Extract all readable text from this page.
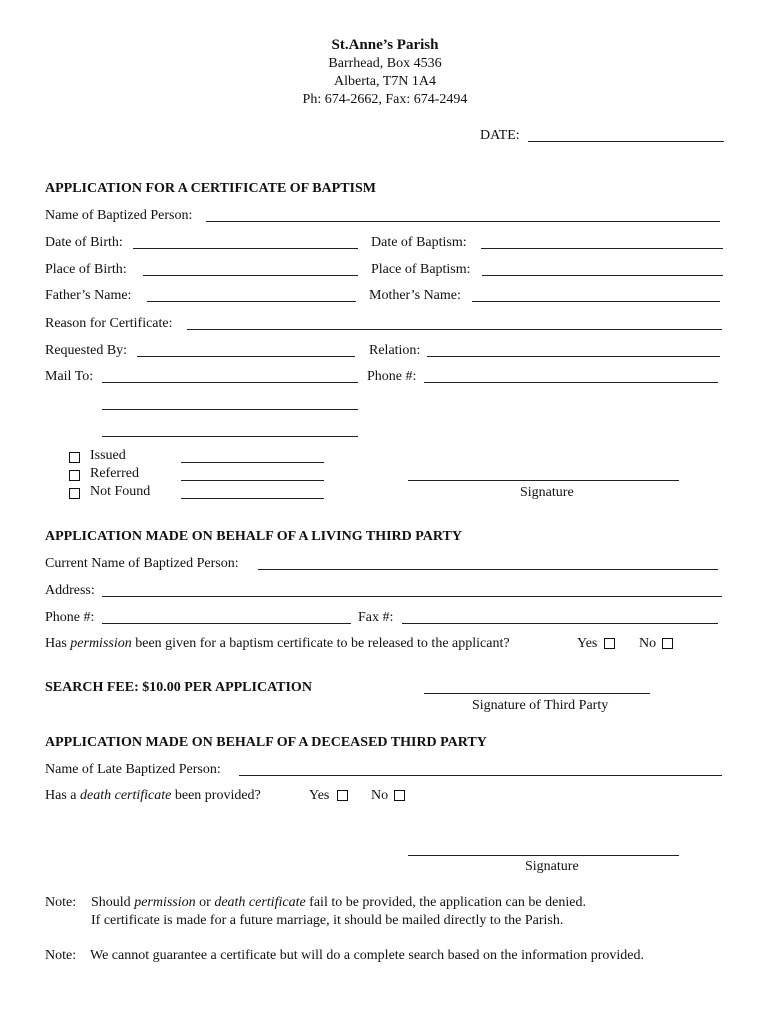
St.Anne’s Parish
Barrhead, Box 4536
Alberta, T7N 1A4
Ph: 674-2662, Fax: 674-2494
DATE:
APPLICATION FOR A CERTIFICATE OF BAPTISM
Name of Baptized Person:
Date of Birth:	Date of Baptism:
Place of Birth:	Place of Baptism:
Father’s Name:	Mother’s Name:
Reason for Certificate:
Requested By:	Relation:
Mail To:	Phone #:
Issued
Referred
Not Found	Signature
APPLICATION MADE ON BEHALF OF A LIVING THIRD PARTY
Current Name of Baptized Person:
Address:
Phone #:	Fax #:
Has permission been given for a baptism certificate to be released to the applicant?	Yes	No
SEARCH FEE: $10.00 PER APPLICATION
Signature of Third Party
APPLICATION MADE ON BEHALF OF A DECEASED THIRD PARTY
Name of Late Baptized Person:
Has a death certificate been provided?	Yes	No
Signature
Note: Should permission or death certificate fail to be provided, the application can be denied.
If certificate is made for a future marriage, it should be mailed directly to the Parish.
Note: We cannot guarantee a certificate but will do a complete search based on the information provided.
